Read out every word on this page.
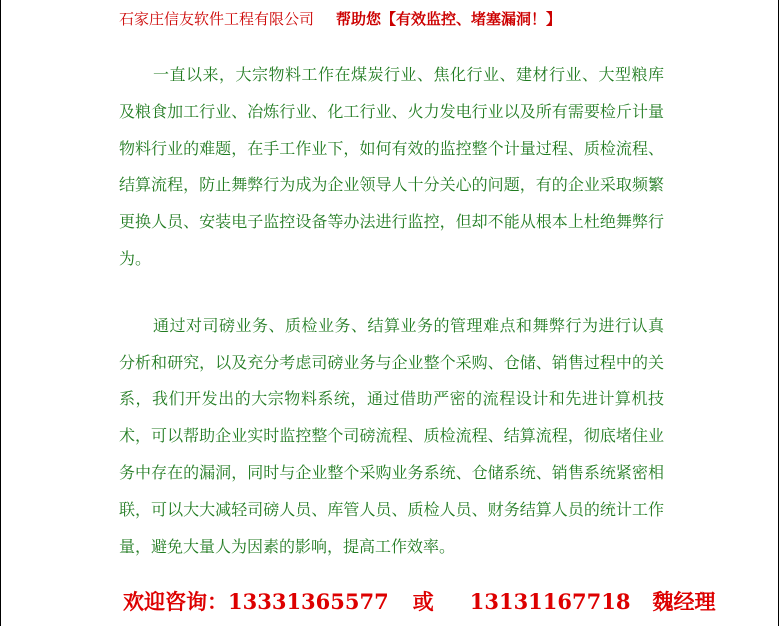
石家庄信友软件工程有限公司 帮助您【有效监控、堵塞漏洞！】

一直以来，大宗物料工作在煤炭行业、焦化行业、建材行业、大型粮库及粮食加工行业、冶炼行业、化工行业、火力发电行业以及所有需要检斤计量物料行业的难题，在手工作业下，如何有效的监控整个计量过程、质检流程、结算流程，防止舞弊行为成为企业领导人十分关心的问题，有的企业采取频繁更换人员、安装电子监控设备等办法进行监控，但却不能从根本上杜绝舞弊行为。

通过对司磅业务、质检业务、结算业务的管理难点和舞弊行为进行认真分析和研究，以及充分考虑司磅业务与企业整个采购、仓储、销售过程中的关系，我们开发出的大宗物料系统，通过借助严密的流程设计和先进计算机技术，可以帮助企业实时监控整个司磅流程、质检流程、结算流程，彻底堵住业务中存在的漏洞，同时与企业整个采购业务系统、仓储系统、销售系统紧密相联，可以大大减轻司磅人员、库管人员、质检人员、财务结算人员的统计工作量，避免大量人为因素的影响，提高工作效率。

欢迎咨询：13331365577 或 13131167718 魏经理
